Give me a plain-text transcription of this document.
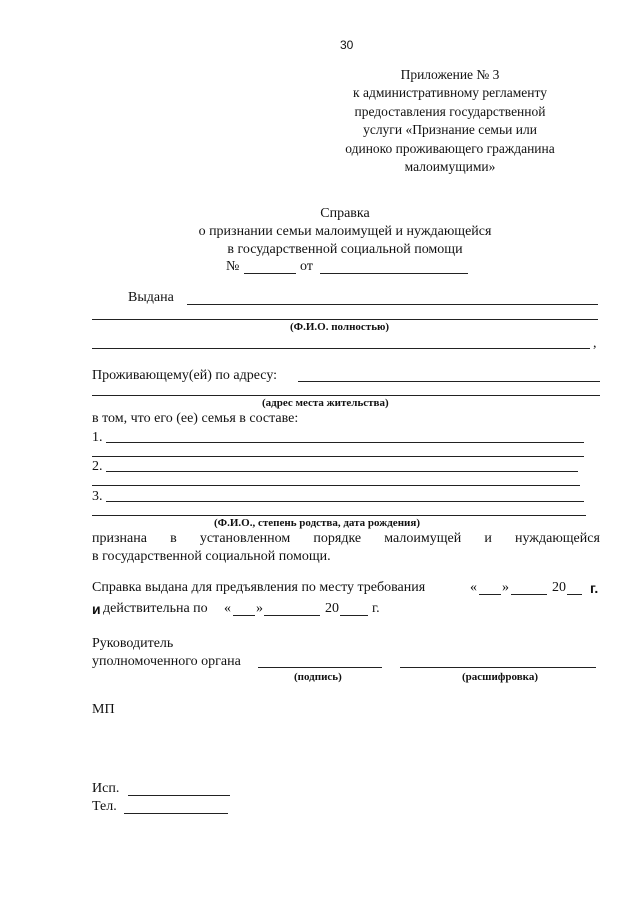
30
Приложение № 3
к административному регламенту
предоставления государственной
услуги «Признание семьи или
одиноко проживающего гражданина
малоимущими»
Справка
о признании семьи малоимущей и нуждающейся
в государственной социальной помощи
№	от
Выдана
(Ф.И.О. полностью)
,
Проживающему(ей) по адресу:
(адрес места жительства)
в том, что его (ее) семья в составе:
1.
2.
3.
(Ф.И.О., степень родства, дата рождения)
признана в установленном порядке малоимущей и нуждающейся
в государственной социальной помощи.
Справка выдана для предъявления по месту требования	« »	20 г.
и действительна по « »	20 г.
Руководитель
уполномоченного органа
(подпись)	(расшифровка)
МП
Исп.
Тел.
